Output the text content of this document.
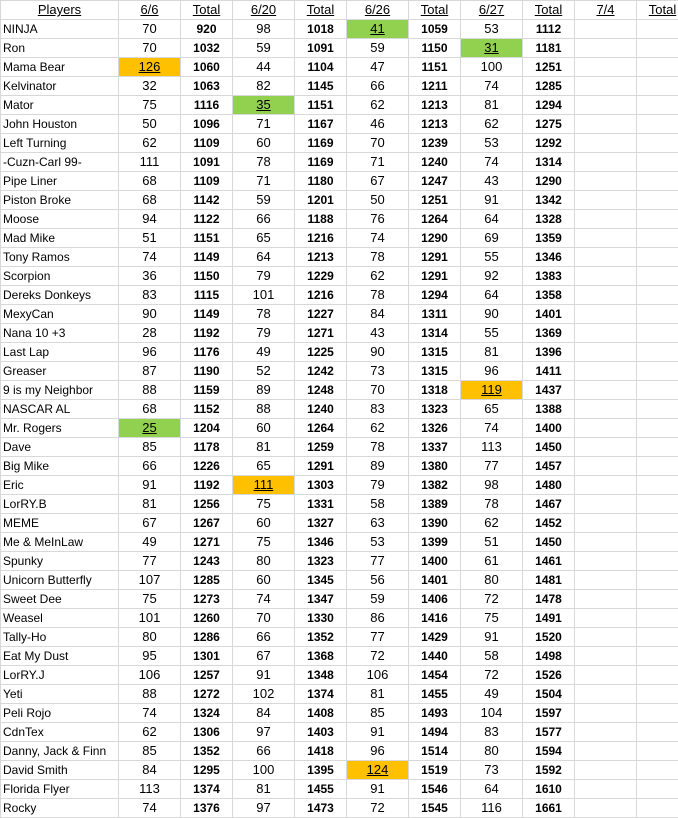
Players	6/6	Total	6/20	Total	6/26	Total	6/27	Total	7/4	Total
NINJA	70	920	98	1018	41	1059	53	1112		
Ron	70	1032	59	1091	59	1150	31	1181		
Mama Bear	126	1060	44	1104	47	1151	100	1251		
Kelvinator	32	1063	82	1145	66	1211	74	1285		
Mator	75	1116	35	1151	62	1213	81	1294		
John Houston	50	1096	71	1167	46	1213	62	1275		
Left Turning	62	1109	60	1169	70	1239	53	1292		
-Cuzn-Carl 99-	111	1091	78	1169	71	1240	74	1314		
Pipe Liner	68	1109	71	1180	67	1247	43	1290		
Piston Broke	68	1142	59	1201	50	1251	91	1342		
Moose	94	1122	66	1188	76	1264	64	1328		
Mad Mike	51	1151	65	1216	74	1290	69	1359		
Tony Ramos	74	1149	64	1213	78	1291	55	1346		
Scorpion	36	1150	79	1229	62	1291	92	1383		
Dereks Donkeys	83	1115	101	1216	78	1294	64	1358		
MexyCan	90	1149	78	1227	84	1311	90	1401		
Nana 10 +3	28	1192	79	1271	43	1314	55	1369		
Last Lap	96	1176	49	1225	90	1315	81	1396		
Greaser	87	1190	52	1242	73	1315	96	1411		
9 is my Neighbor	88	1159	89	1248	70	1318	119	1437		
NASCAR AL	68	1152	88	1240	83	1323	65	1388		
Mr. Rogers	25	1204	60	1264	62	1326	74	1400		
Dave	85	1178	81	1259	78	1337	113	1450		
Big Mike	66	1226	65	1291	89	1380	77	1457		
Eric	91	1192	111	1303	79	1382	98	1480		
LorRY.B	81	1256	75	1331	58	1389	78	1467		
MEME	67	1267	60	1327	63	1390	62	1452		
Me & MeInLaw	49	1271	75	1346	53	1399	51	1450		
Spunky	77	1243	80	1323	77	1400	61	1461		
Unicorn Butterfly	107	1285	60	1345	56	1401	80	1481		
Sweet Dee	75	1273	74	1347	59	1406	72	1478		
Weasel	101	1260	70	1330	86	1416	75	1491		
Tally-Ho	80	1286	66	1352	77	1429	91	1520		
Eat My Dust	95	1301	67	1368	72	1440	58	1498		
LorRY.J	106	1257	91	1348	106	1454	72	1526		
Yeti	88	1272	102	1374	81	1455	49	1504		
Peli Rojo	74	1324	84	1408	85	1493	104	1597		
CdnTex	62	1306	97	1403	91	1494	83	1577		
Danny, Jack & Finn	85	1352	66	1418	96	1514	80	1594		
David Smith	84	1295	100	1395	124	1519	73	1592		
Florida Flyer	113	1374	81	1455	91	1546	64	1610		
Rocky	74	1376	97	1473	72	1545	116	1661		
